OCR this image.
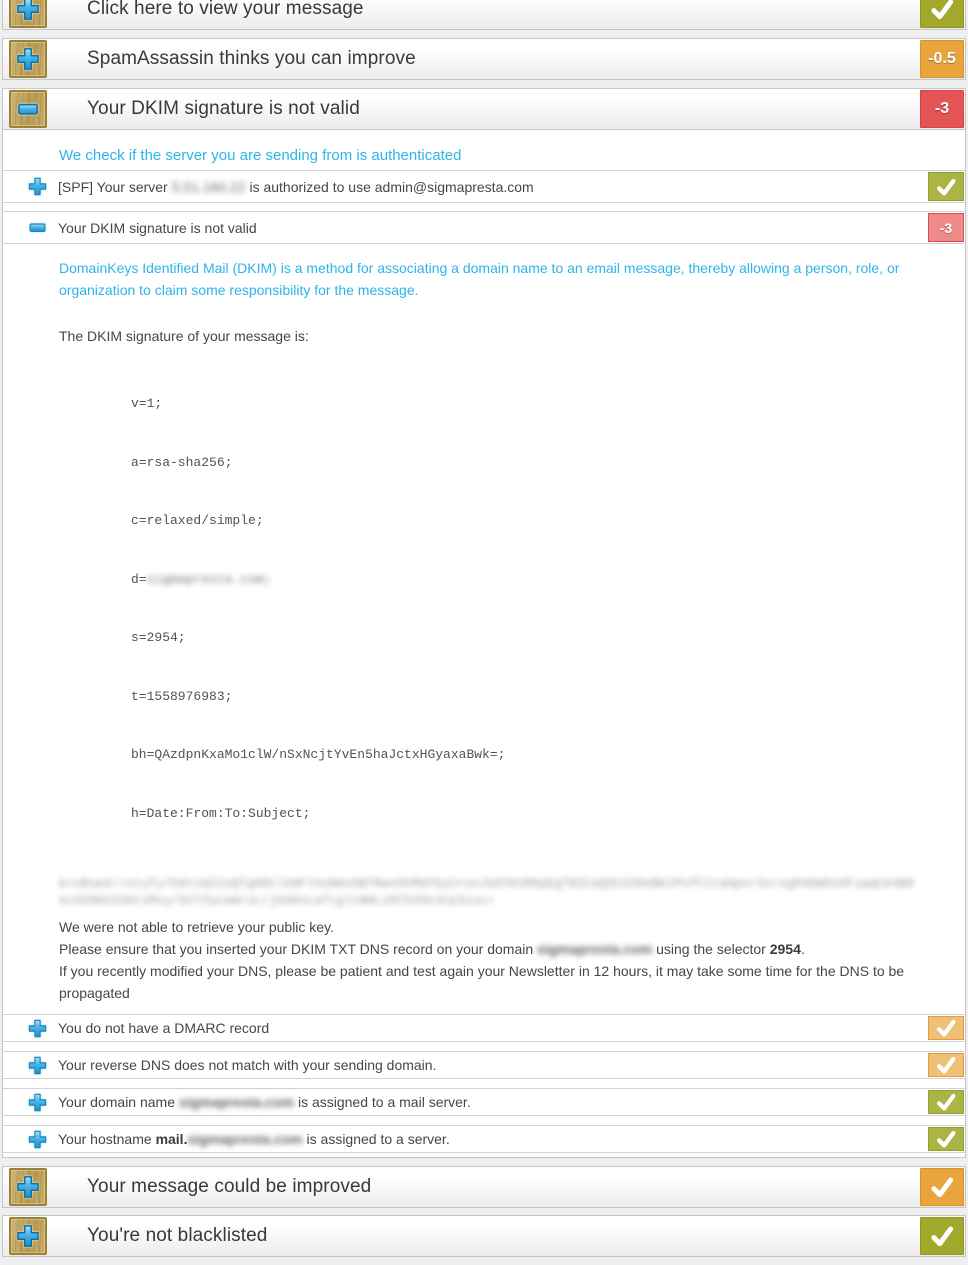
Click here to view your message
SpamAssassin thinks you can improve	-0.5
Your DKIM signature is not valid	-3
We check if the server you are sending from is authenticated
[SPF] Your server 5.51.160.22 is authorized to use admin@sigmapresta.com
Your DKIM signature is not valid	-3
DomainKeys Identified Mail (DKIM) is a method for associating a domain name to an email message, thereby allowing a person, role, or organization to claim some responsibility for the message.
The DKIM signature of your message is:

v=1;

a=rsa-sha256;

c=relaxed/simple;

d=sigmapresta.com;

s=2954;

t=1558976983;

bh=QAzdpnKxaMo1clW/nSxNcjtYvEn5haJctxHGyaxaBwk=;

h=Date:From:To:Subject;

b=uRueS/+stuTy7k8t16ZIsQTgH8tlkNFlhuNHvSBTRwo5hMbFGyCronJUdY81MHpEgTN2CaQSCCO8eBKIPsfC1taHpvr3srsgR4DWGsHFiwqCA4B0
ecO39bU1S9t1Mxy/GVlfpcamruLrjkGHvLafcgltNNLzNT5VbhJCp3zuc=
We were not able to retrieve your public key.
Please ensure that you inserted your DKIM TXT DNS record on your domain sigmapresta.com using the selector 2954.
If you recently modified your DNS, please be patient and test again your Newsletter in 12 hours, it may take some time for the DNS to be propagated
You do not have a DMARC record
Your reverse DNS does not match with your sending domain.
Your domain name sigmapresta.com is assigned to a mail server.
Your hostname mail.sigmapresta.com is assigned to a server.
Your message could be improved
You're not blacklisted
